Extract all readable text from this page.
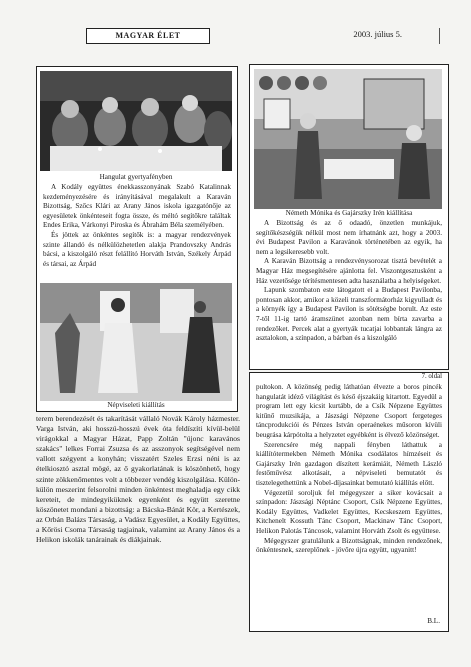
MAGYAR ÉLET	2003. július 5.
Hangulat gyertyafényben

A Kodály együttes énekkasszonyának Szabó Katalinnak kezdeményezésére és irányításával megalakult a Karaván Bizottság, Szőcs Klári az Arany János iskola igazgatónője az egyesületek önkénteseit fogta össze, és méltó segítőkre találtak Endes Erika, Várkonyi Piroska és Ábrahám Béla személyében.

És jöttek az önkéntes segítők is: a magyar rendezvények szinte állandó és nélkülözhetetlen alakja Prandovszky András bácsi, a kiszolgáló részt felállító Horváth István, Székely Árpád és társai, az Árpád

Népviseleti kiállítás

terem berendezését és takarítását vállaló Novák Károly házmester. Varga István, aki hosszú-hosszú évek óta feldíszíti kívül-belül virágokkal a Magyar Házat, Papp Zoltán "újonc karavános szakács" lelkes Forrai Zsuzsa és az asszonyok segítségével nem vallott szégyent a konyhán; visszatért Szeles Erzsi néni is az ételkiosztó asztal mögé, az ő gyakorlatának is köszönhető, hogy szinte zökkenőmentes volt a többezer vendég kiszolgálása. Külön-külön meszerint felsorolni minden önkéntest meghaladja egy cikk kereteit, de mindegyiküknek egyenként és együtt szeretne köszönetet mondani a bizottság: a Bácska-Bánát Kör, a Kertészek, az Orbán Balázs Társaság, a Vadász Egyesület, a Kodály Együttes, a Kőrösi Csoma Társaság tagjainak, valamint az Arany János és a Helikon iskolák tanárainak és diákjainak.

Németh Mónika és Gajárszky Irén kiállítása

A Bizottság és az ő odaadó, önzetlen munkájuk, segítőkészségük nélkül most nem írhatnánk azt, hogy a 2003. évi Budapest Pavilon a Karavánok történetében az egyik, ha nem a legsikeresebb volt.

A Karaván Bizottság a rendezvénysorozat tisztá bevételét a Magyar Ház megsegítésére ajánlotta fel. Viszontgesztusként a Ház vezetősége térítésmentesen adta használatba a helyiségeket.

Lapunk szombaton este látogatott el a Budapest Pavilonba, pontosan akkor, amikor a közeli transzformátorház kigyulladt és a környék így a Budapest Pavilon is sötétségbe borult. Az este 7-től 11-ig tartó áramszünet azonban nem bírta zavarba a rendezőket. Percek alat a gyertyák tucatjai lobbantak lángra az asztalokon, a színpadon, a bárban és a kiszolgáló

7. oldal

pultokon. A közönség pedig láthatóan élvezte a boros pincék hangulatát idéző világítást és késő éjszakáig kitartott. Egyedül a program lett egy kicsit kurtább, de a Csík Népzene Együttes kitűnő muzsikája, a Jászsági Népzene Csoport fergeteges táncprodukciói és Pénzes István operaénekes műsoron kívüli beugrása kárpótolta a helyzetet egyébként is élvező közönséget.

Szerencsére még nappali fényben láthattuk a kiállítótermekben Németh Mónika csodálatos hímzéseit és Gajárszky Irén gazdagon díszített kerámiáit, Németh László festőművész alkotásait, a népviseleti bemutatót és tisztelegethettünk a Nobel-díjasainkat bemutató kiállítás előtt.

Végezetül soroljuk fel mégegyszer a siker kovácsait a színpadon: Jászsági Néptánc Csoport, Csík Népzene Együttes, Kodály Együttes, Vadkelet Együttes, Kecskeszem Együttes, Kitchenelt Kossuth Tánc Csoport, Mackinaw Tánc Csoport, Helikon Palotás Táncosok, valamint Horváth Zsolt és együttese.

Mégegyszer gratulálunk a Bizottságnak, minden rendezőnek, önkéntesnek, szereplőnek - jövőre újra együtt, ugyanitt!

B.L.
